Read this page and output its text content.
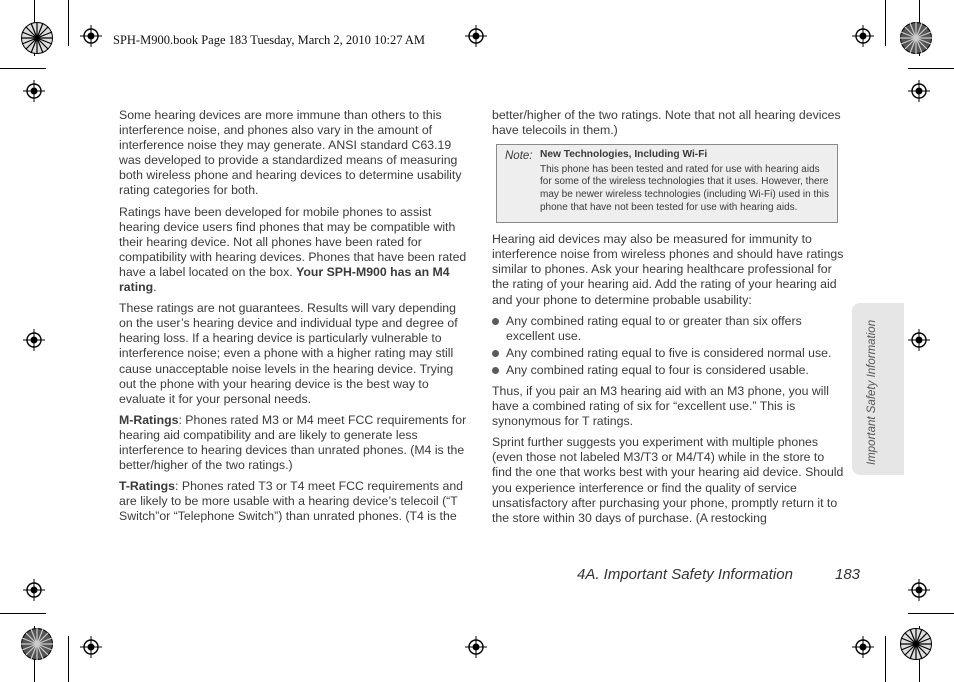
SPH-M900.book Page 183 Tuesday, March 2, 2010 10:27 AM

Some hearing devices are more immune than others to this interference noise, and phones also vary in the amount of interference noise they may generate. ANSI standard C63.19 was developed to provide a standardized means of measuring both wireless phone and hearing devices to determine usability rating categories for both.

Ratings have been developed for mobile phones to assist hearing device users find phones that may be compatible with their hearing device. Not all phones have been rated for compatibility with hearing devices. Phones that have been rated have a label located on the box. Your SPH-M900 has an M4 rating.

These ratings are not guarantees. Results will vary depending on the user’s hearing device and individual type and degree of hearing loss. If a hearing device is particularly vulnerable to interference noise; even a phone with a higher rating may still cause unacceptable noise levels in the hearing device. Trying out the phone with your hearing device is the best way to evaluate it for your personal needs.

M-Ratings: Phones rated M3 or M4 meet FCC requirements for hearing aid compatibility and are likely to generate less interference to hearing devices than unrated phones. (M4 is the better/higher of the two ratings.)

T-Ratings: Phones rated T3 or T4 meet FCC requirements and are likely to be more usable with a hearing device’s telecoil (“T Switch”or “Telephone Switch”) than unrated phones. (T4 is the

better/higher of the two ratings. Note that not all hearing devices have telecoils in them.)

Note: New Technologies, Including Wi-Fi
This phone has been tested and rated for use with hearing aids for some of the wireless technologies that it uses. However, there may be newer wireless technologies (including Wi-Fi) used in this phone that have not been tested for use with hearing aids.

Hearing aid devices may also be measured for immunity to interference noise from wireless phones and should have ratings similar to phones. Ask your hearing healthcare professional for the rating of your hearing aid. Add the rating of your hearing aid and your phone to determine probable usability:

Any combined rating equal to or greater than six offers excellent use.
Any combined rating equal to five is considered normal use.
Any combined rating equal to four is considered usable.

Thus, if you pair an M3 hearing aid with an M3 phone, you will have a combined rating of six for “excellent use.” This is synonymous for T ratings.

Sprint further suggests you experiment with multiple phones (even those not labeled M3/T3 or M4/T4) while in the store to find the one that works best with your hearing aid device. Should you experience interference or find the quality of service unsatisfactory after purchasing your phone, promptly return it to the store within 30 days of purchase. (A restocking

Important Safety Information
4A. Important Safety Information	183
